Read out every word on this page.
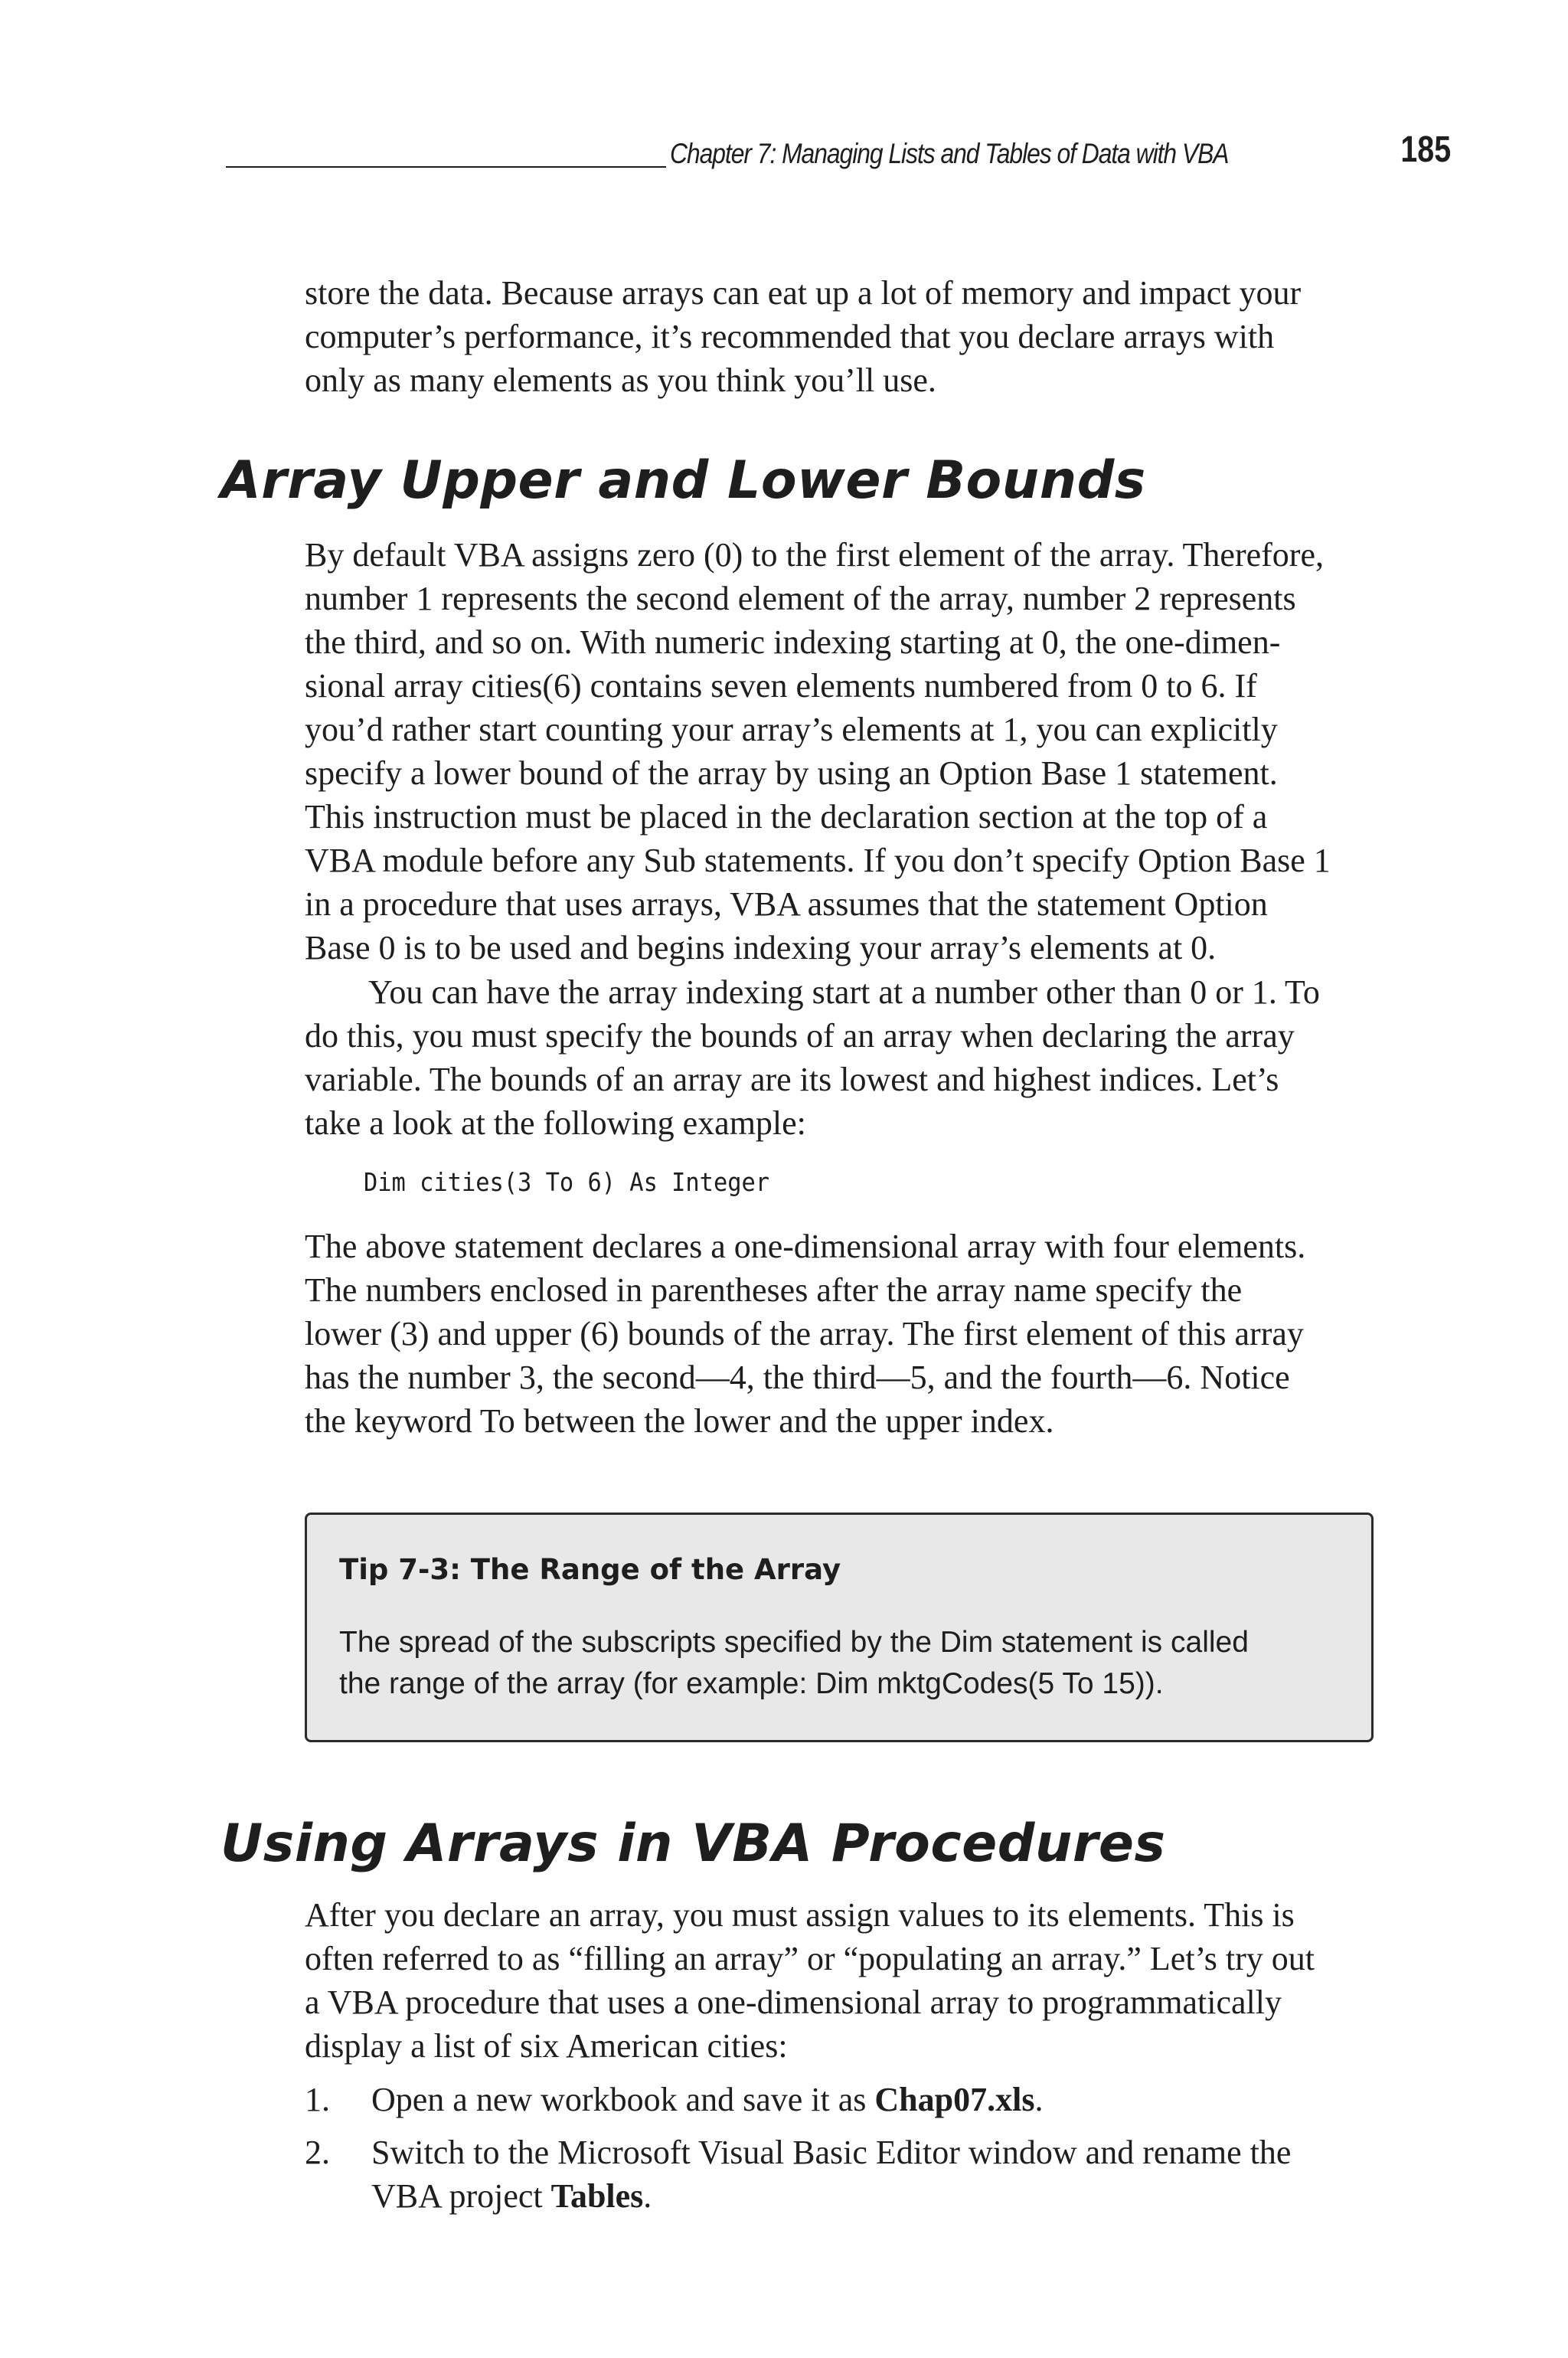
Chapter 7: Managing Lists and Tables of Data with VBA	185

store the data. Because arrays can eat up a lot of memory and impact your
computer’s performance, it’s recommended that you declare arrays with
only as many elements as you think you’ll use.

Array Upper and Lower Bounds

By default VBA assigns zero (0) to the first element of the array. Therefore,
number 1 represents the second element of the array, number 2 represents
the third, and so on. With numeric indexing starting at 0, the one-dimen-
sional array cities(6) contains seven elements numbered from 0 to 6. If
you’d rather start counting your array’s elements at 1, you can explicitly
specify a lower bound of the array by using an Option Base 1 statement.
This instruction must be placed in the declaration section at the top of a
VBA module before any Sub statements. If you don’t specify Option Base 1
in a procedure that uses arrays, VBA assumes that the statement Option
Base 0 is to be used and begins indexing your array’s elements at 0.

You can have the array indexing start at a number other than 0 or 1. To
do this, you must specify the bounds of an array when declaring the array
variable. The bounds of an array are its lowest and highest indices. Let’s
take a look at the following example:

Dim cities(3 To 6) As Integer

The above statement declares a one-dimensional array with four elements.
The numbers enclosed in parentheses after the array name specify the
lower (3) and upper (6) bounds of the array. The first element of this array
has the number 3, the second—4, the third—5, and the fourth—6. Notice
the keyword To between the lower and the upper index.

Tip 7-3: The Range of the Array

The spread of the subscripts specified by the Dim statement is called
the range of the array (for example: Dim mktgCodes(5 To 15)).

Using Arrays in VBA Procedures

After you declare an array, you must assign values to its elements. This is
often referred to as “filling an array” or “populating an array.” Let’s try out
a VBA procedure that uses a one-dimensional array to programmatically
display a list of six American cities:

1. Open a new workbook and save it as Chap07.xls.
2. Switch to the Microsoft Visual Basic Editor window and rename the
VBA project Tables.
